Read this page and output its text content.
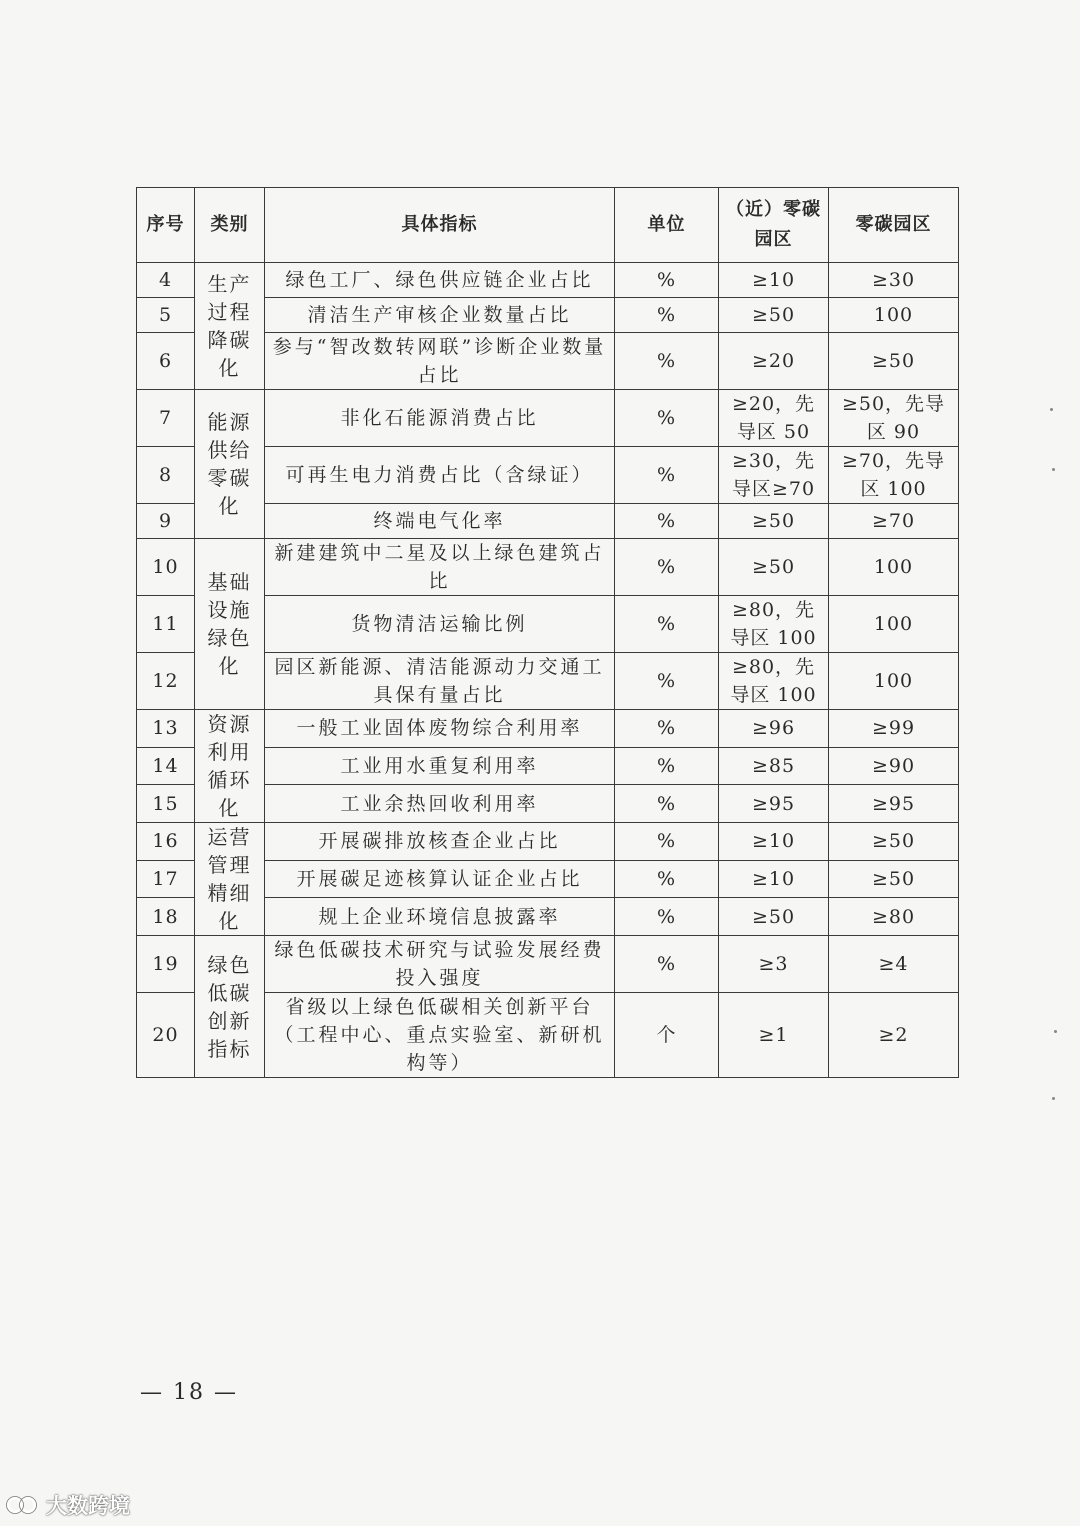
序号	类别	具体指标	单位	（近）零碳园区	零碳园区
4	生产过程降碳化	绿色工厂、绿色供应链企业占比	%	≥10	≥30
5		清洁生产审核企业数量占比	%	≥50	100
6		参与“智改数转网联”诊断企业数量占比	%	≥20	≥50
7	能源供给零碳化	非化石能源消费占比	%	≥20，先导区 50	≥50，先导区 90
8		可再生电力消费占比（含绿证）	%	≥30，先导区≥70	≥70，先导区 100
9		终端电气化率	%	≥50	≥70
10	基础设施绿色化	新建建筑中二星及以上绿色建筑占比	%	≥50	100
11		货物清洁运输比例	%	≥80，先导区 100	100
12		园区新能源、清洁能源动力交通工具保有量占比	%	≥80，先导区 100	100
13	资源利用循环化	一般工业固体废物综合利用率	%	≥96	≥99
14		工业用水重复利用率	%	≥85	≥90
15		工业余热回收利用率	%	≥95	≥95
16	运营管理精细化	开展碳排放核查企业占比	%	≥10	≥50
17		开展碳足迹核算认证企业占比	%	≥10	≥50
18		规上企业环境信息披露率	%	≥50	≥80
19	绿色低碳创新指标	绿色低碳技术研究与试验发展经费投入强度	%	≥3	≥4
20		省级以上绿色低碳相关创新平台（工程中心、重点实验室、新研机构等）	个	≥1	≥2
— 18 —
大数跨境
